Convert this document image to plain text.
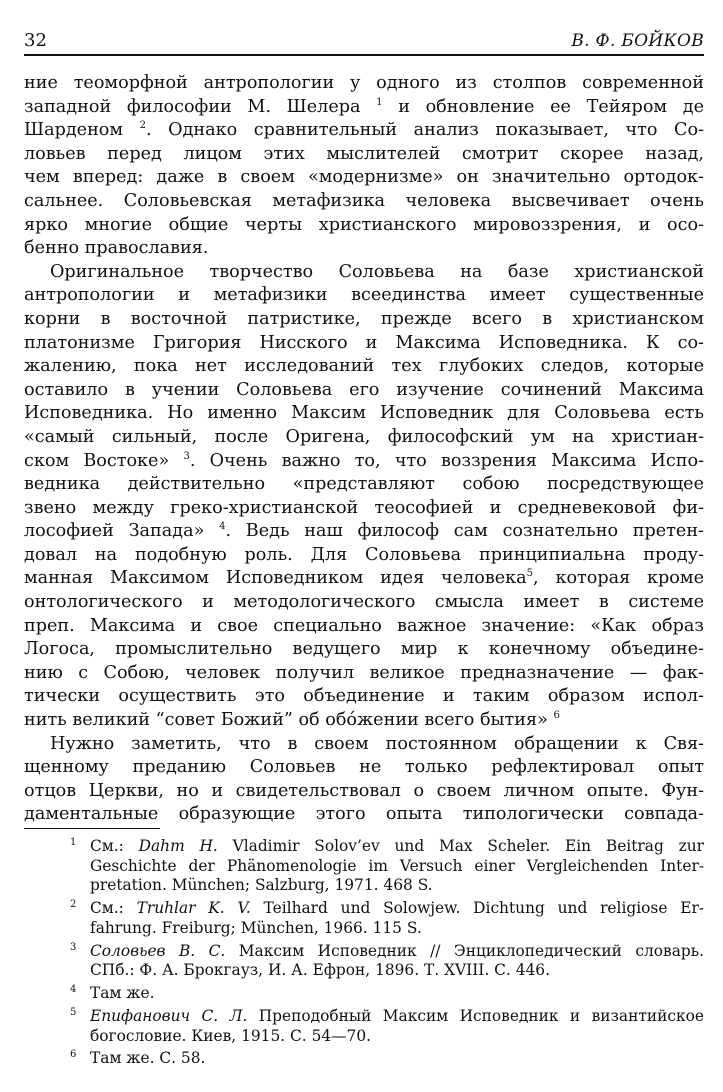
32	В. Ф. БОЙКОВ
ние теоморфной антропологии у одного из столпов современной
западной философии М. Шелера $^1$ и обновление ее Тейяром де
Шарденом $^2$. Однако сравнительный анализ показывает, что Со-
ловьев перед лицом этих мыслителей смотрит скорее назад,
чем вперед: даже в своем «модернизме» он значительно ортодок-
сальнее. Соловьевская метафизика человека высвечивает очень
ярко многие общие черты христианского мировоззрения, и осо-
бенно православия.
Оригинальное творчество Соловьева на базе христианской
антропологии и метафизики всеединства имеет существенные
корни в восточной патристике, прежде всего в христианском
платонизме Григория Нисского и Максима Исповедника. К со-
жалению, пока нет исследований тех глубоких следов, которые
оставило в учении Соловьева его изучение сочинений Максима
Исповедника. Но именно Максим Исповедник для Соловьева есть
«самый сильный, после Оригена, философский ум на христиан-
ском Востоке» $^3$. Очень важно то, что воззрения Максима Испо-
ведника действительно «представляют собою посредствующее
звено между греко-христианской теософией и средневековой фи-
лософией Запада» $^4$. Ведь наш философ сам сознательно претен-
довал на подобную роль. Для Соловьева принципиальна проду-
манная Максимом Исповедником идея человека$^5$, которая кроме
онтологического и методологического смысла имеет в системе
преп. Максима и свое специально важное значение: «Как образ
Логоса, промыслительно ведущего мир к конечному объедине-
нию с Собою, человек получил великое предназначение — фак-
тически осуществить это объединение и таким образом испол-
нить великий “совет Божий” об обóжении всего бытия» $^6$
Нужно заметить, что в своем постоянном обращении к Свя-
щенному преданию Соловьев не только рефлектировал опыт
отцов Церкви, но и свидетельствовал о своем личном опыте. Фун-
даментальные образующие этого опыта типологически совпада-
1 См.: Dahm H. Vladimir Solov’ev und Max Scheler. Ein Beitrag zur
Geschichte der Phänomenologie im Versuch einer Vergleichenden Inter-
pretation. München; Salzburg, 1971. 468 S.
2 См.: Truhlar K. V. Teilhard und Solowjew. Dichtung und religiose Er-
fahrung. Freiburg; München, 1966. 115 S.
3 Соловьев В. С. Максим Исповедник // Энциклопедический словарь.
СПб.: Ф. А. Брокгауз, И. А. Ефрон, 1896. Т. XVIII. С. 446.
4 Там же.
5 Епифанович С. Л. Преподобный Максим Исповедник и византийское
богословие. Киев, 1915. С. 54—70.
6 Там же. С. 58.
